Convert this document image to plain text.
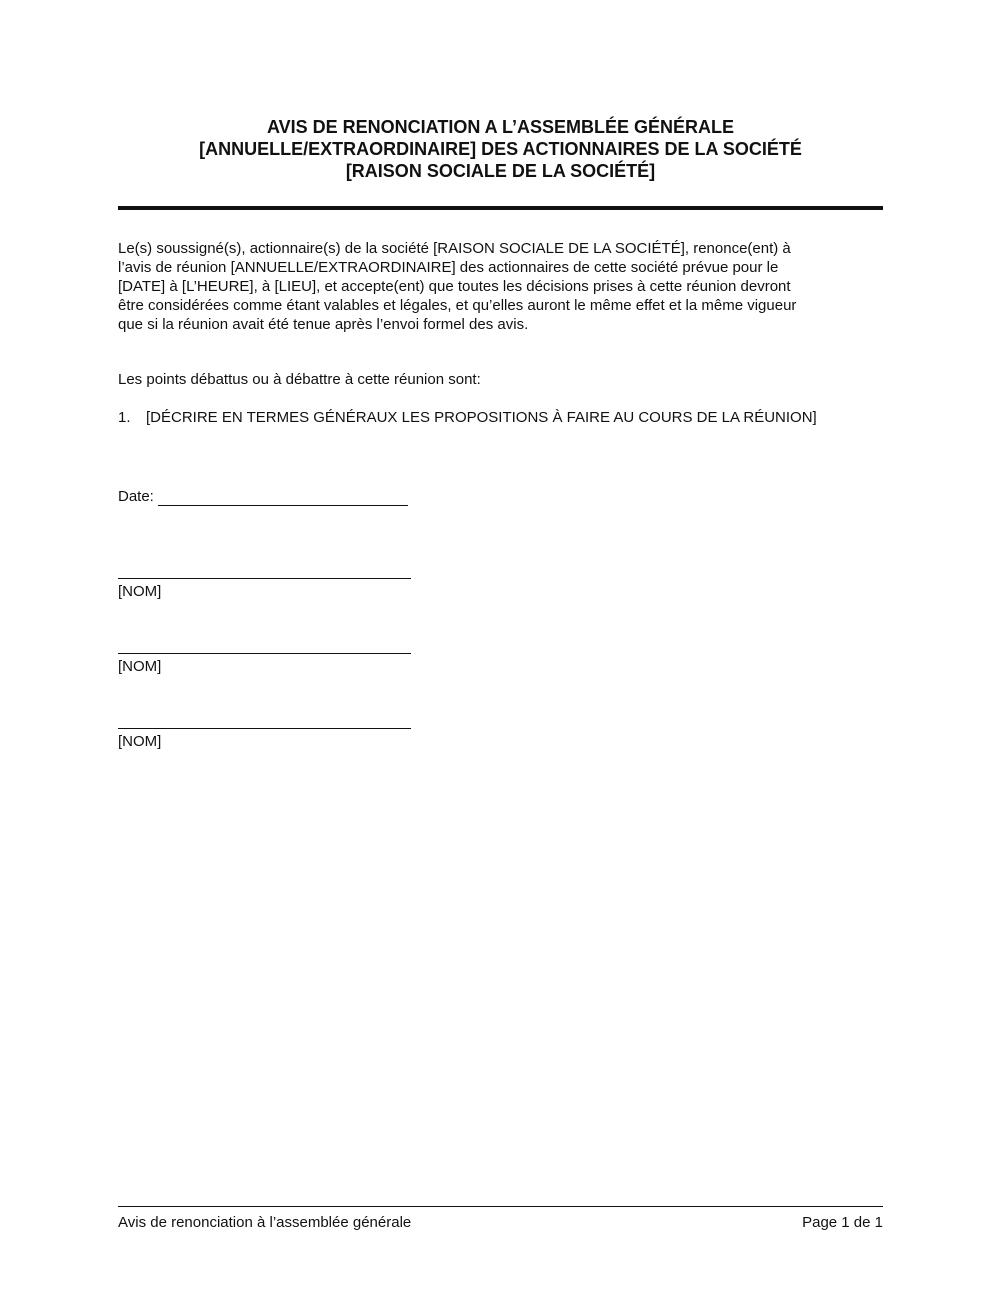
AVIS DE RENONCIATION A L’ASSEMBLÉE GÉNÉRALE
[ANNUELLE/EXTRAORDINAIRE] DES ACTIONNAIRES DE LA SOCIÉTÉ
[RAISON SOCIALE DE LA SOCIÉTÉ]
Le(s) soussigné(s), actionnaire(s) de la société [RAISON SOCIALE DE LA SOCIÉTÉ], renonce(ent) à
l’avis de réunion [ANNUELLE/EXTRAORDINAIRE] des actionnaires de cette société prévue pour le
[DATE] à [L’HEURE], à [LIEU], et accepte(ent) que toutes les décisions prises à cette réunion devront
être considérées comme étant valables et légales, et qu’elles auront le même effet et la même vigueur
que si la réunion avait été tenue après l’envoi formel des avis.
Les points débattus ou à débattre à cette réunion sont:
1. [DÉCRIRE EN TERMES GÉNÉRAUX LES PROPOSITIONS À FAIRE AU COURS DE LA RÉUNION]
Date:
[NOM]
[NOM]
[NOM]
Avis de renonciation à l’assemblée générale	Page 1 de 1
